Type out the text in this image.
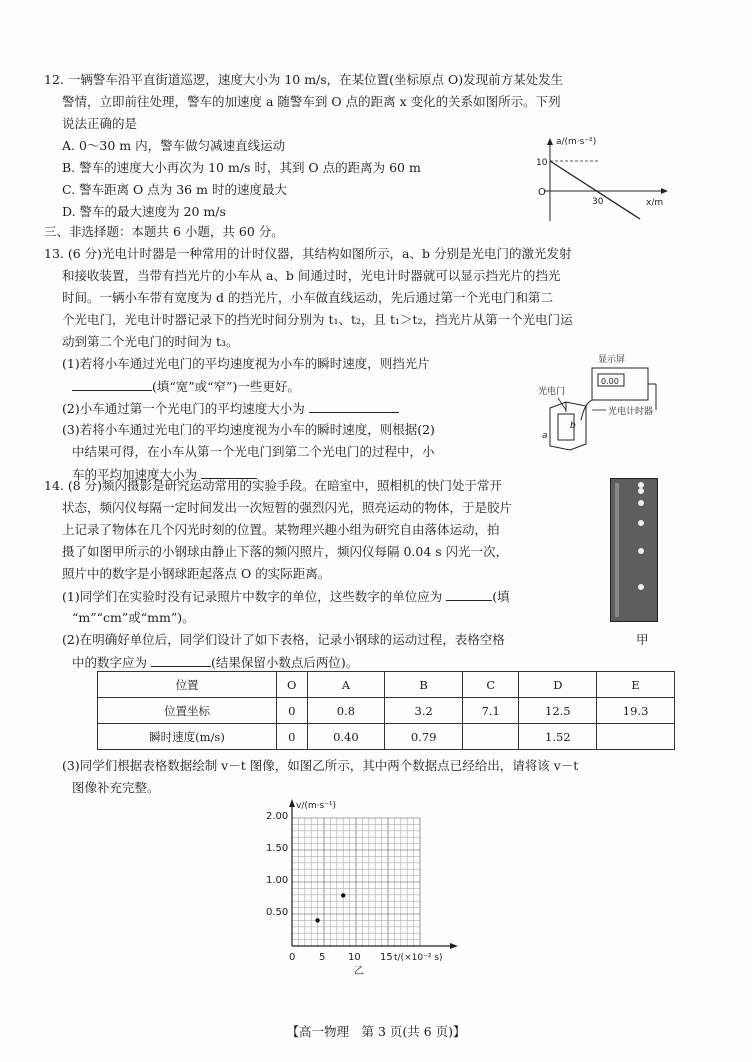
12. 一辆警车沿平直街道巡逻，速度大小为 10 m/s，在某位置(坐标原点 O)发现前方某处发生
警情，立即前往处理，警车的加速度 a 随警车到 O 点的距离 x 变化的关系如图所示。下列
说法正确的是
A. 0～30 m 内，警车做匀减速直线运动
B. 警车的速度大小再次为 10 m/s 时，其到 O 点的距离为 60 m
C. 警车距离 O 点为 36 m 时的速度最大
D. 警车的最大速度为 20 m/s
a/(m·s⁻²)
10
O
30	x/m
三、非选择题：本题共 6 小题，共 60 分。
13. (6 分)光电计时器是一种常用的计时仪器，其结构如图所示，a、b 分别是光电门的激光发射
和接收装置，当带有挡光片的小车从 a、b 间通过时，光电计时器就可以显示挡光片的挡光
时间。一辆小车带有宽度为 d 的挡光片，小车做直线运动，先后通过第一个光电门和第二
个光电门，光电计时器记录下的挡光时间分别为 t₁、t₂，且 t₁＞t₂，挡光片从第一个光电门运
动到第二个光电门的时间为 t₃。
(1)若将小车通过光电门的平均速度视为小车的瞬时速度，则挡光片
(填“宽”或“窄”)一些更好。
(2)小车通过第一个光电门的平均速度大小为
(3)若将小车通过光电门的平均速度视为小车的瞬时速度，则根据(2)
中结果可得，在小车从第一个光电门到第二个光电门的过程中，小
车的平均加速度大小为
显示屏
0.00
光电门
b
a
光电计时器
14. (8 分)频闪摄影是研究运动常用的实验手段。在暗室中，照相机的快门处于常开
状态，频闪仪每隔一定时间发出一次短暂的强烈闪光，照亮运动的物体，于是胶片
上记录了物体在几个闪光时刻的位置。某物理兴趣小组为研究自由落体运动，拍
摄了如图甲所示的小钢球由静止下落的频闪照片，频闪仪每隔 0.04 s 闪光一次，
照片中的数字是小钢球距起落点 O 的实际距离。
(1)同学们在实验时没有记录照片中数字的单位，这些数字的单位应为	(填
“m”“cm”或“mm”)。
(2)在明确好单位后，同学们设计了如下表格，记录小钢球的运动过程，表格空格
中的数字应为	(结果保留小数点后两位)。
甲
位置	O	A	B	C	D	E
位置坐标	0	0.8	3.2	7.1	12.5	19.3
瞬时速度(m/s)	0	0.40	0.79		1.52	
(3)同学们根据表格数据绘制 v－t 图像，如图乙所示，其中两个数据点已经给出，请将该 v－t
图像补充完整。
v/(m·s⁻¹)
t/(×10⁻² s)
2.00
1.50
1.00
0.50
0 5 10 15
乙
【高一物理　第 3 页(共 6 页)】
